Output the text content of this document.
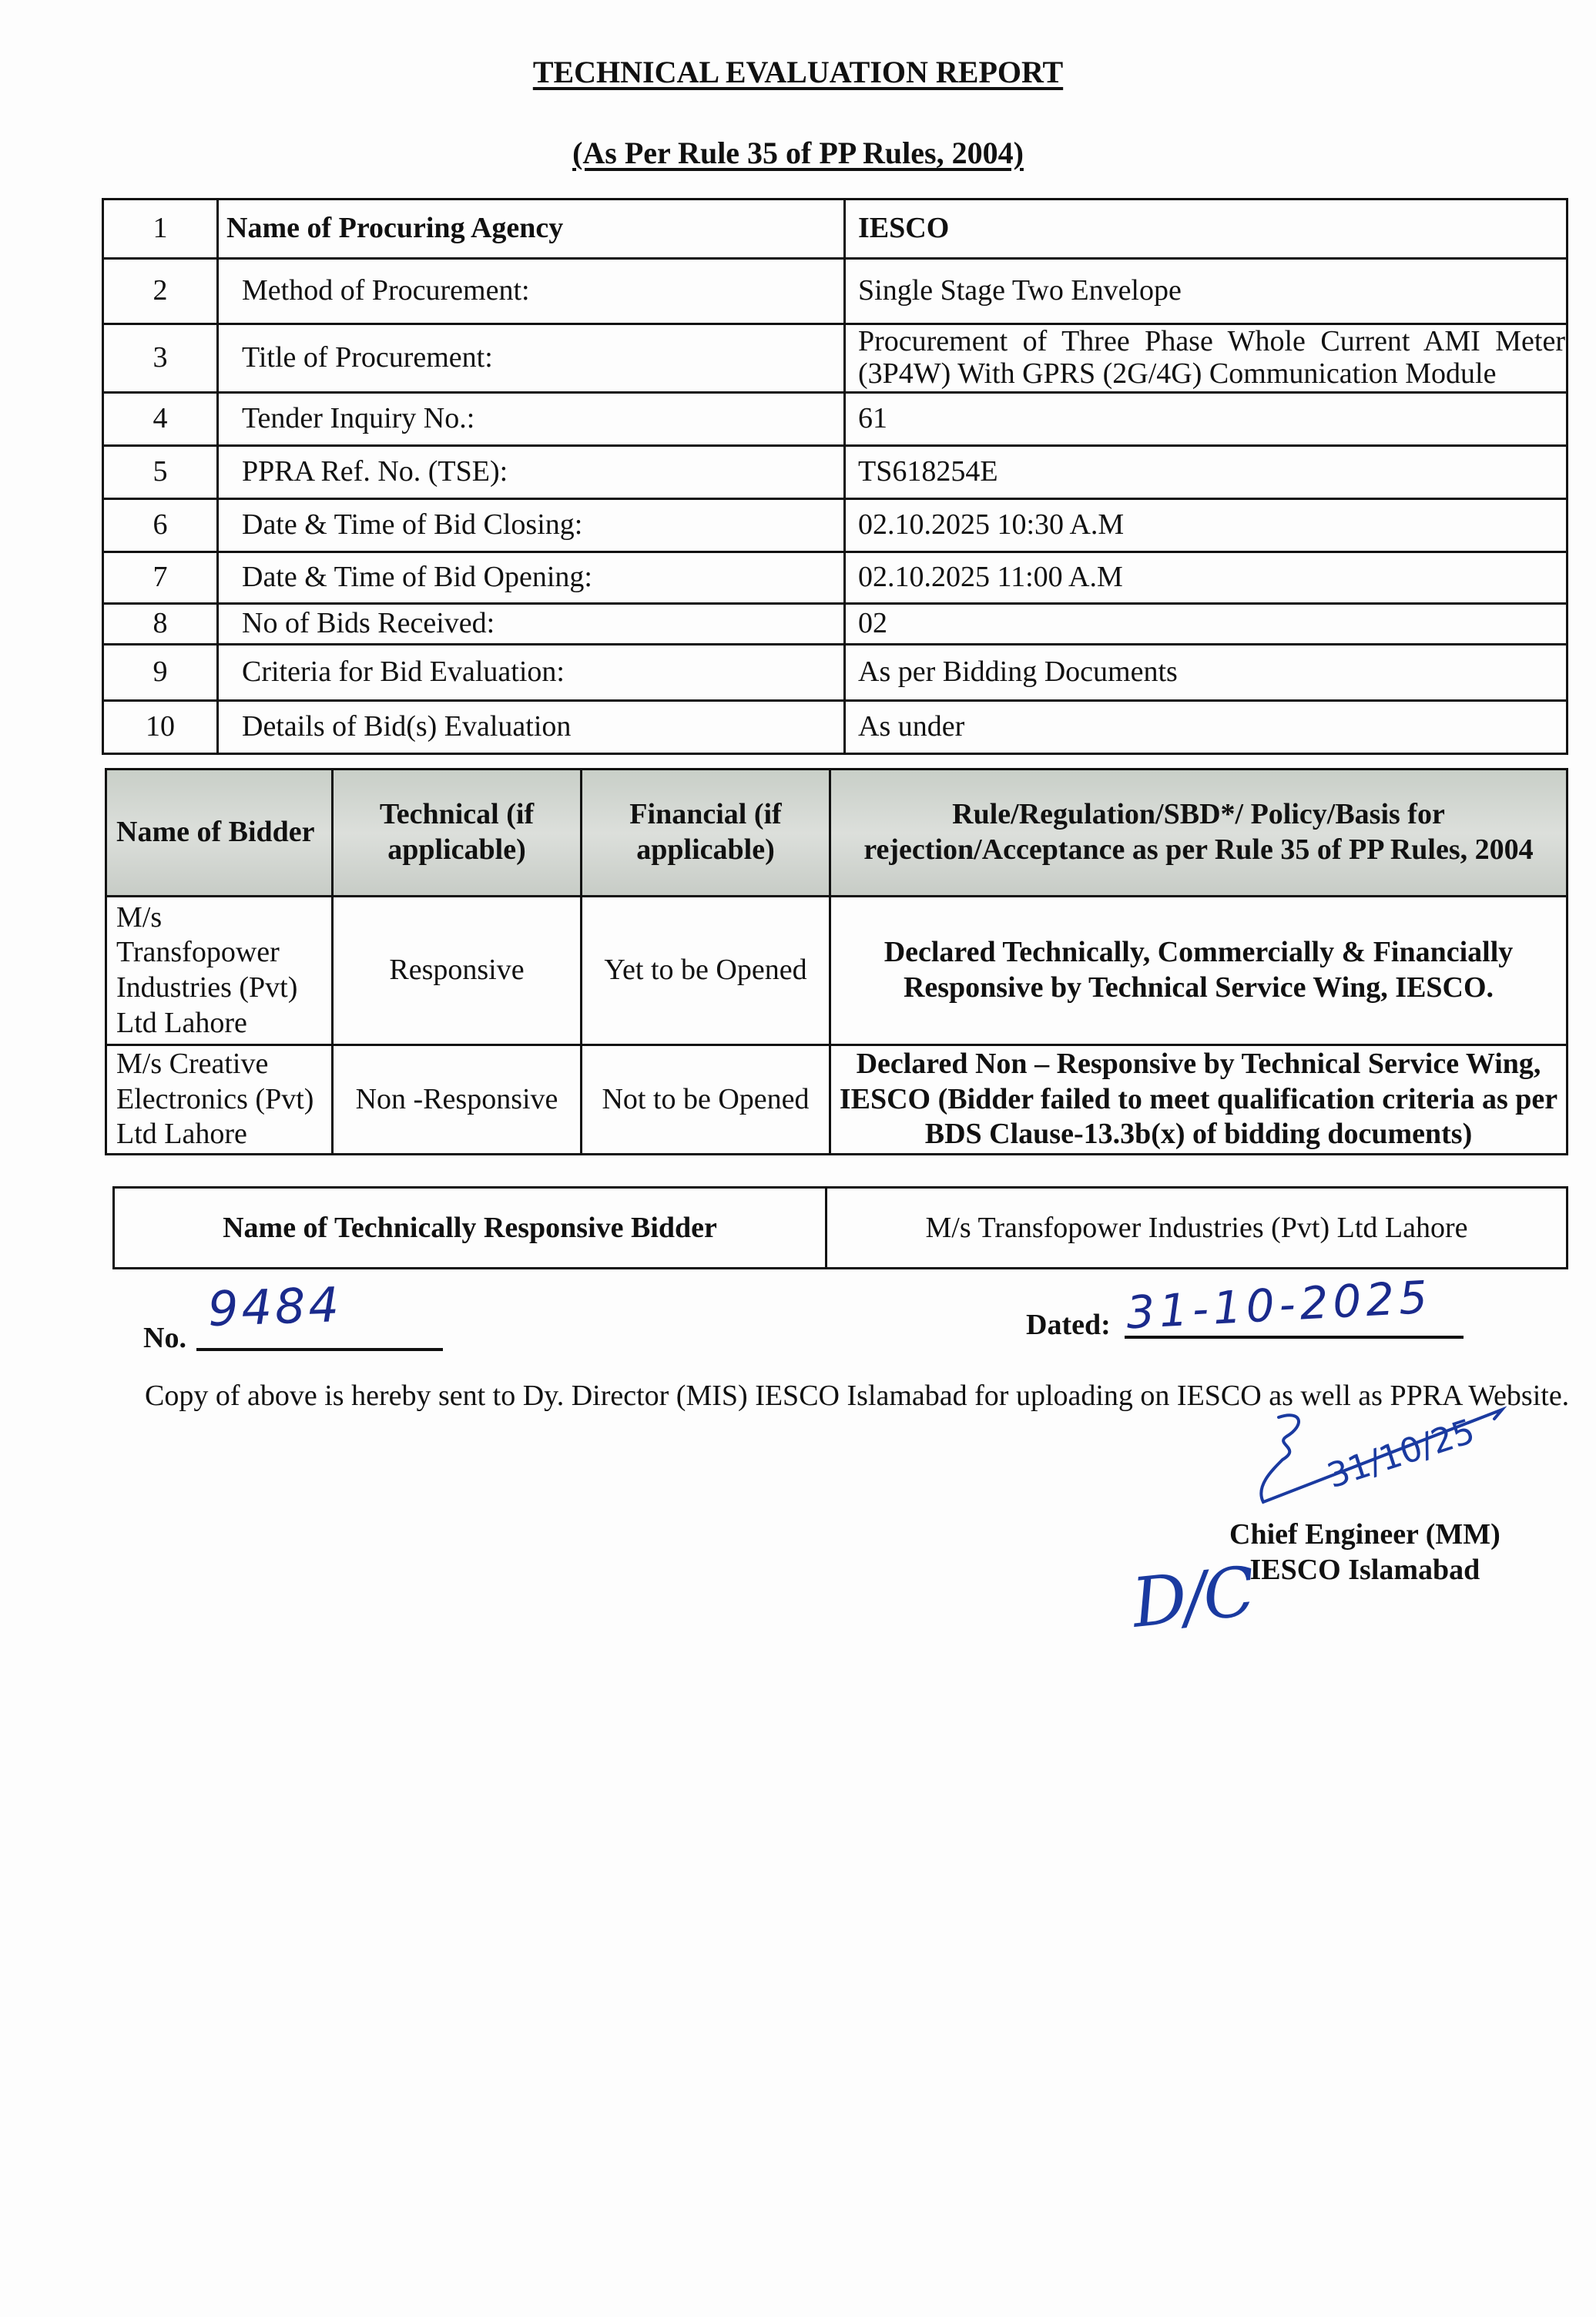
TECHNICAL EVALUATION REPORT
(As Per Rule 35 of PP Rules, 2004)
1	Name of Procuring Agency	IESCO
2	Method of Procurement:	Single Stage Two Envelope
3	Title of Procurement:	Procurement of Three Phase Whole Current AMI Meter (3P4W) With GPRS (2G/4G) Communication Module
4	Tender Inquiry No.:	61
5	PPRA Ref. No. (TSE):	TS618254E
6	Date & Time of Bid Closing:	02.10.2025 10:30 A.M
7	Date & Time of Bid Opening:	02.10.2025 11:00 A.M
8	No of Bids Received:	02
9	Criteria for Bid Evaluation:	As per Bidding Documents
10	Details of Bid(s) Evaluation	As under
Name of Bidder	Technical (if applicable)	Financial (if applicable)	Rule/Regulation/SBD*/ Policy/Basis for rejection/Acceptance as per Rule 35 of PP Rules, 2004
M/s Transfopower Industries (Pvt) Ltd Lahore	Responsive	Yet to be Opened	Declared Technically, Commercially & Financially Responsive by Technical Service Wing, IESCO.
M/s Creative Electronics (Pvt) Ltd Lahore	Non -Responsive	Not to be Opened	Declared Non – Responsive by Technical Service Wing, IESCO (Bidder failed to meet qualification criteria as per BDS Clause-13.3b(x) of bidding documents)
Name of Technically Responsive Bidder	M/s Transfopower Industries (Pvt) Ltd Lahore
No.
9484	Dated: 31-10-2025
Copy of above is hereby sent to Dy. Director (MIS) IESCO Islamabad for uploading on IESCO as well as PPRA Website.
31/10/25
Chief Engineer (MM)
IESCO Islamabad
D/C
